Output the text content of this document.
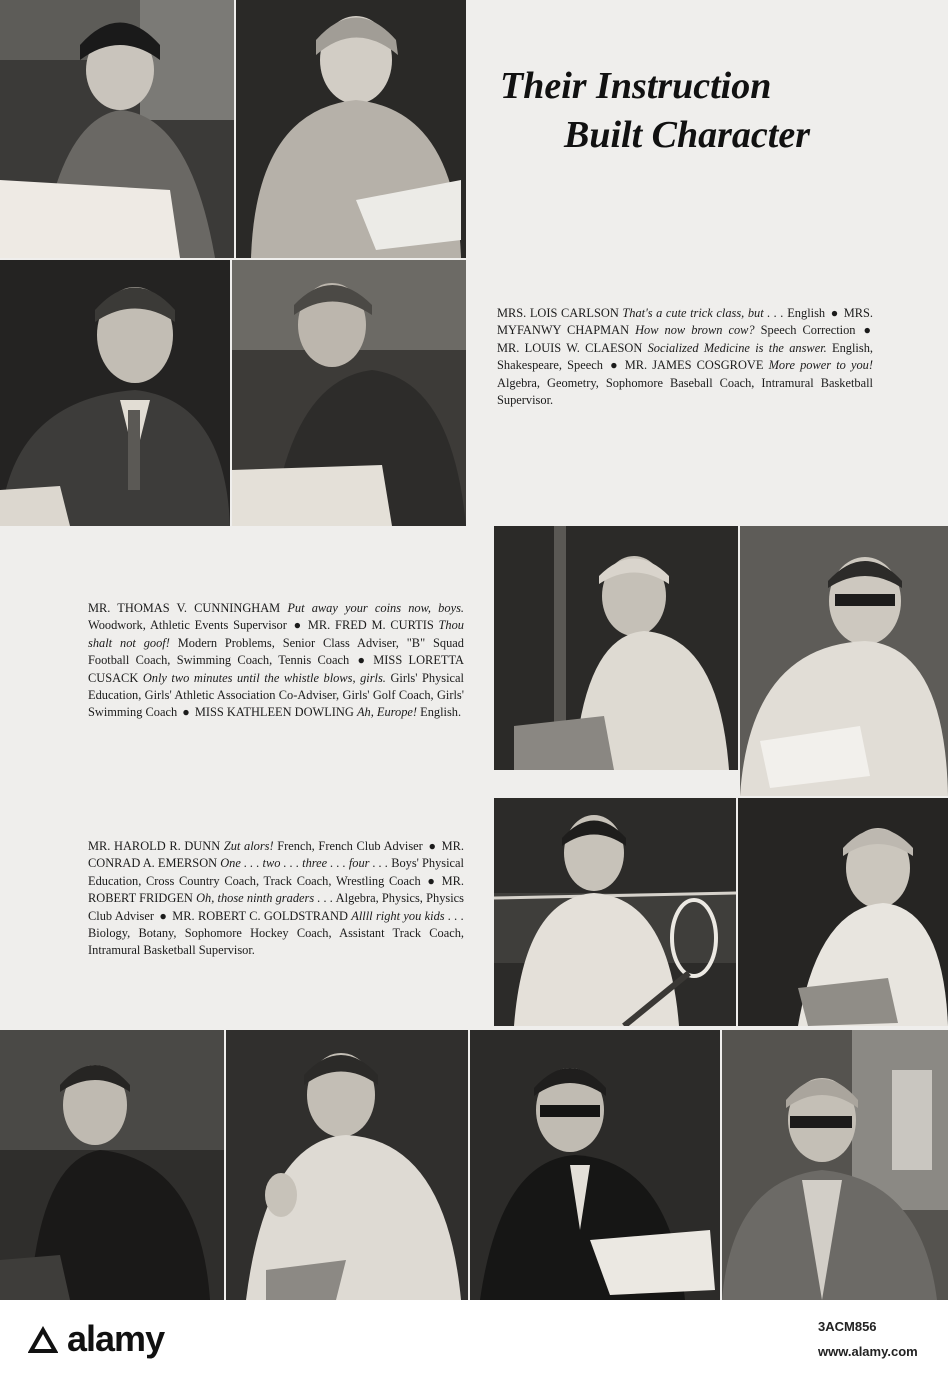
Their Instruction
Built Character
MRS. LOIS CARLSON That's a cute trick class, but . . . English ● MRS. MYFANWY CHAPMAN How now brown cow? Speech Correction ● MR. LOUIS W. CLAESON Socialized Medicine is the answer. English, Shakespeare, Speech ● MR. JAMES COSGROVE More power to you! Algebra, Geometry, Sophomore Baseball Coach, Intramural Basketball Supervisor.
MR. THOMAS V. CUNNINGHAM Put away your coins now, boys. Woodwork, Athletic Events Supervisor ● MR. FRED M. CURTIS Thou shalt not goof! Modern Problems, Senior Class Adviser, "B" Squad Football Coach, Swimming Coach, Tennis Coach ● MISS LORETTA CUSACK Only two minutes until the whistle blows, girls. Girls' Physical Education, Girls' Athletic Association Co-Adviser, Girls' Golf Coach, Girls' Swimming Coach ● MISS KATHLEEN DOWLING Ah, Europe! English.
MR. HAROLD R. DUNN Zut alors! French, French Club Adviser ● MR. CONRAD A. EMERSON One . . . two . . . three . . . four . . . Boys' Physical Education, Cross Country Coach, Track Coach, Wrestling Coach ● MR. ROBERT FRIDGEN Oh, those ninth graders . . . Algebra, Physics, Physics Club Adviser ● MR. ROBERT C. GOLDSTRAND Allll right you kids . . . Biology, Botany, Sophomore Hockey Coach, Assistant Track Coach, Intramural Basketball Supervisor.
alamy	3ACM856
www.alamy.com
